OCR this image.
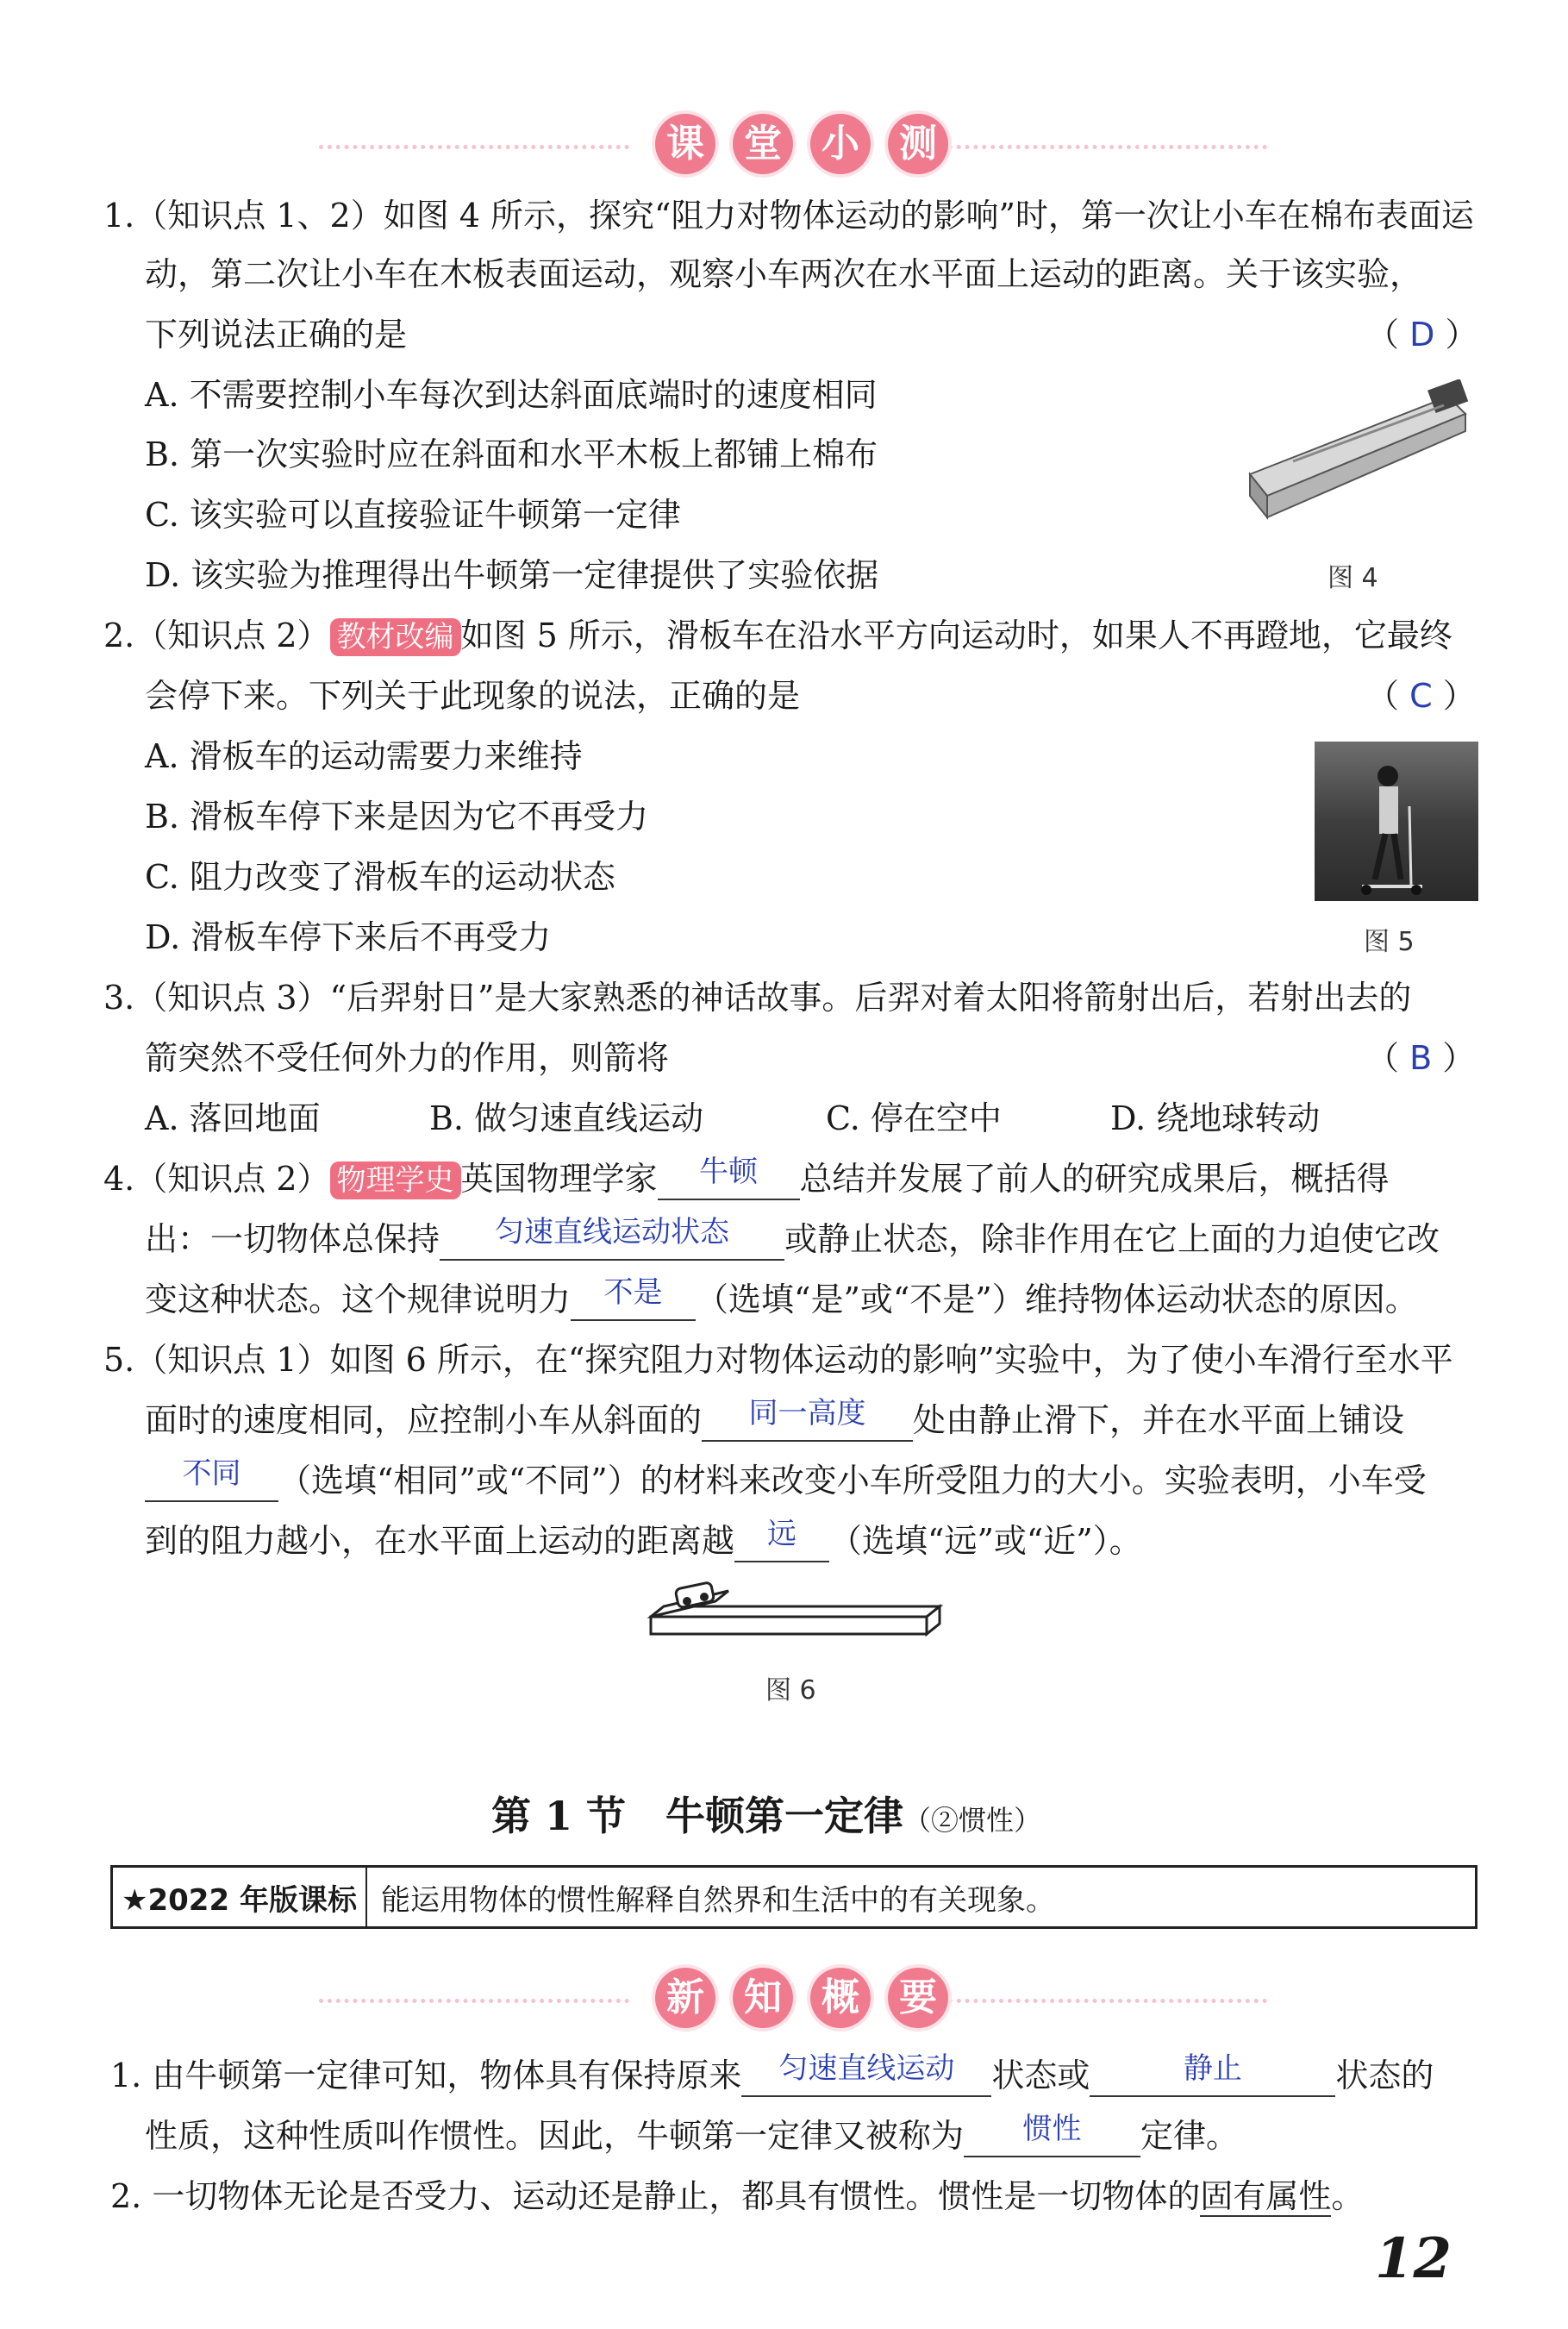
课 堂 小 测
1.（知识点 1、2）如图 4 所示，探究“阻力对物体运动的影响”时，第一次让小车在棉布表面运
动，第二次让小车在木板表面运动，观察小车两次在水平面上运动的距离。关于该实验，
下列说法正确的是	（ D ）
A. 不需要控制小车每次到达斜面底端时的速度相同
B. 第一次实验时应在斜面和水平木板上都铺上棉布
C. 该实验可以直接验证牛顿第一定律
D. 该实验为推理得出牛顿第一定律提供了实验依据	图 4
2.（知识点 2） 教材改编 如图 5 所示，滑板车在沿水平方向运动时，如果人不再蹬地，它最终
会停下来。下列关于此现象的说法，正确的是	（ C ）
A. 滑板车的运动需要力来维持
B. 滑板车停下来是因为它不再受力
C. 阻力改变了滑板车的运动状态
D. 滑板车停下来后不再受力	图 5
3.（知识点 3）“后羿射日”是大家熟悉的神话故事。后羿对着太阳将箭射出后，若射出去的
箭突然不受任何外力的作用，则箭将	（ B ）
A. 落回地面	B. 做匀速直线运动	C. 停在空中	D. 绕地球转动
4.（知识点 2） 物理学史 英国物理学家	牛顿	总结并发展了前人的研究成果后，概括得
出：一切物体总保持	匀速直线运动状态	或静止状态，除非作用在它上面的力迫使它改
变这种状态。这个规律说明力	不是	（选填“是”或“不是”）维持物体运动状态的原因。
5.（知识点 1）如图 6 所示，在“探究阻力对物体运动的影响”实验中，为了使小车滑行至水平
面时的速度相同，应控制小车从斜面的	同一高度	处由静止滑下，并在水平面上铺设
不同	（选填“相同”或“不同”）的材料来改变小车所受阻力的大小。实验表明，小车受
到的阻力越小，在水平面上运动的距离越	远	（选填“远”或“近”）。
图 6
第 1 节　牛顿第一定律（②惯性）
★2022 年版课标 能运用物体的惯性解释自然界和生活中的有关现象。
新 知 概 要
1. 由牛顿第一定律可知，物体具有保持原来	匀速直线运动	状态或	静止	状态的
性质，这种性质叫作惯性。因此，牛顿第一定律又被称为	惯性	定律。
2. 一切物体无论是否受力、运动还是静止，都具有惯性。惯性是一切物体的固有属性。
12
